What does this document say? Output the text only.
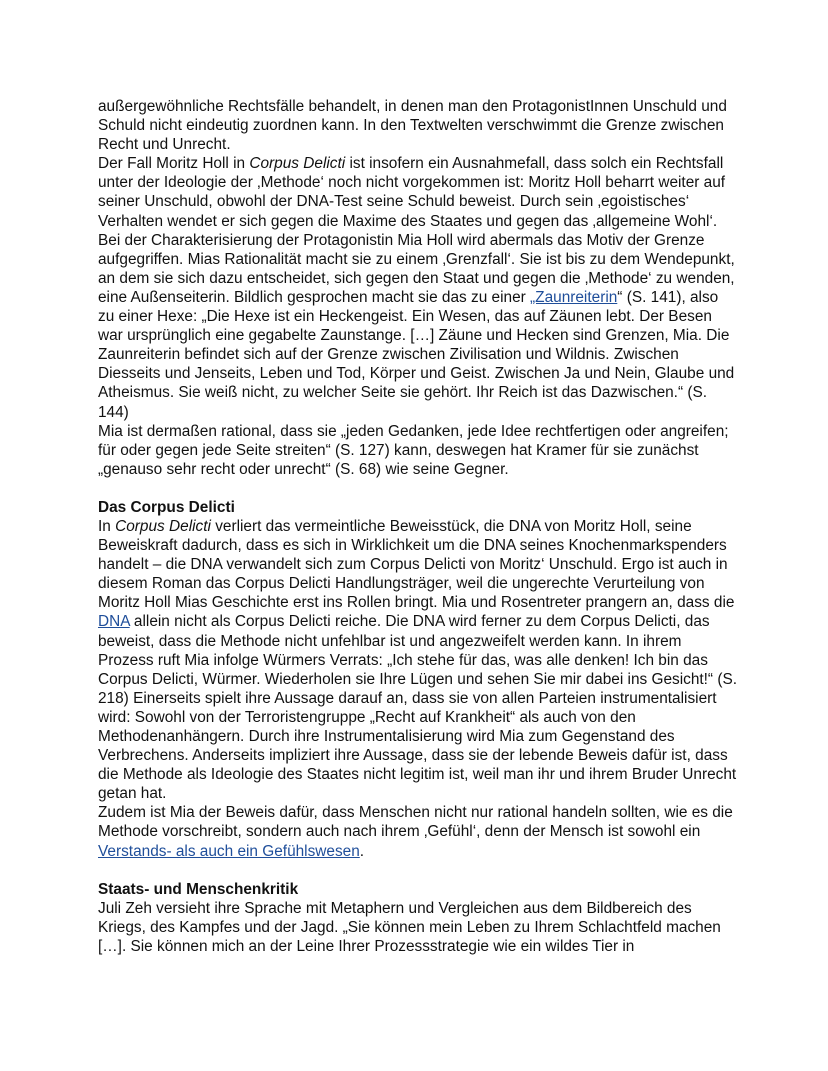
außergewöhnliche Rechtsfälle behandelt, in denen man den ProtagonistInnen Unschuld und Schuld nicht eindeutig zuordnen kann. In den Textwelten verschwimmt die Grenze zwischen Recht und Unrecht.

Der Fall Moritz Holl in Corpus Delicti ist insofern ein Ausnahmefall, dass solch ein Rechtsfall unter der Ideologie der ‚Methode‘ noch nicht vorgekommen ist: Moritz Holl beharrt weiter auf seiner Unschuld, obwohl der DNA-Test seine Schuld beweist. Durch sein ‚egoistisches‘ Verhalten wendet er sich gegen die Maxime des Staates und gegen das ‚allgemeine Wohl‘. Bei der Charakterisierung der Protagonistin Mia Holl wird abermals das Motiv der Grenze aufgegriffen. Mias Rationalität macht sie zu einem ‚Grenzfall‘. Sie ist bis zu dem Wendepunkt, an dem sie sich dazu entscheidet, sich gegen den Staat und gegen die ‚Methode‘ zu wenden, eine Außenseiterin. Bildlich gesprochen macht sie das zu einer „Zaunreiterin“ (S. 141), also zu einer Hexe: „Die Hexe ist ein Heckengeist. Ein Wesen, das auf Zäunen lebt. Der Besen war ursprünglich eine gegabelte Zaunstange. […] Zäune und Hecken sind Grenzen, Mia. Die Zaunreiterin befindet sich auf der Grenze zwischen Zivilisation und Wildnis. Zwischen Diesseits und Jenseits, Leben und Tod, Körper und Geist. Zwischen Ja und Nein, Glaube und Atheismus. Sie weiß nicht, zu welcher Seite sie gehört. Ihr Reich ist das Dazwischen.“ (S. 144)

Mia ist dermaßen rational, dass sie „jeden Gedanken, jede Idee rechtfertigen oder angreifen; für oder gegen jede Seite streiten“ (S. 127) kann, deswegen hat Kramer für sie zunächst „genauso sehr recht oder unrecht“ (S. 68) wie seine Gegner.

Das Corpus Delicti

In Corpus Delicti verliert das vermeintliche Beweisstück, die DNA von Moritz Holl, seine Beweiskraft dadurch, dass es sich in Wirklichkeit um die DNA seines Knochenmarkspenders handelt – die DNA verwandelt sich zum Corpus Delicti von Moritz‘ Unschuld. Ergo ist auch in diesem Roman das Corpus Delicti Handlungsträger, weil die ungerechte Verurteilung von Moritz Holl Mias Geschichte erst ins Rollen bringt. Mia und Rosentreter prangern an, dass die DNA allein nicht als Corpus Delicti reiche. Die DNA wird ferner zu dem Corpus Delicti, das beweist, dass die Methode nicht unfehlbar ist und angezweifelt werden kann. In ihrem Prozess ruft Mia infolge Würmers Verrats: „Ich stehe für das, was alle denken! Ich bin das Corpus Delicti, Würmer. Wiederholen sie Ihre Lügen und sehen Sie mir dabei ins Gesicht!“ (S. 218) Einerseits spielt ihre Aussage darauf an, dass sie von allen Parteien instrumentalisiert wird: Sowohl von der Terroristengruppe „Recht auf Krankheit“ als auch von den Methodenanhängern. Durch ihre Instrumentalisierung wird Mia zum Gegenstand des Verbrechens. Anderseits impliziert ihre Aussage, dass sie der lebende Beweis dafür ist, dass die Methode als Ideologie des Staates nicht legitim ist, weil man ihr und ihrem Bruder Unrecht getan hat.

Zudem ist Mia der Beweis dafür, dass Menschen nicht nur rational handeln sollten, wie es die Methode vorschreibt, sondern auch nach ihrem ‚Gefühl‘, denn der Mensch ist sowohl ein Verstands- als auch ein Gefühlswesen.

Staats- und Menschenkritik

Juli Zeh versieht ihre Sprache mit Metaphern und Vergleichen aus dem Bildbereich des Kriegs, des Kampfes und der Jagd. „Sie können mein Leben zu Ihrem Schlachtfeld machen […]. Sie können mich an der Leine Ihrer Prozessstrategie wie ein wildes Tier in
